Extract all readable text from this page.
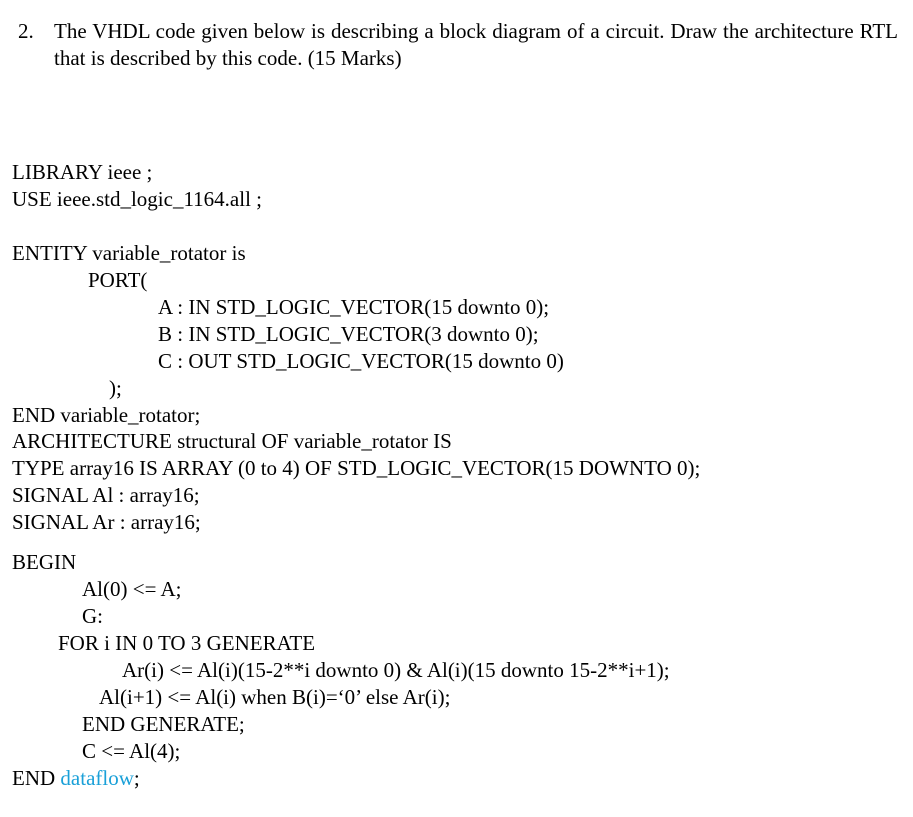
2. The VHDL code given below is describing a block diagram of a circuit. Draw the architecture RTL that is described by this code. (15 Marks)
LIBRARY ieee ;
USE ieee.std_logic_1164.all ;
ENTITY variable_rotator is
PORT(
A : IN STD_LOGIC_VECTOR(15 downto 0);
B : IN STD_LOGIC_VECTOR(3 downto 0);
C : OUT STD_LOGIC_VECTOR(15 downto 0)
);
END variable_rotator;
ARCHITECTURE structural OF variable_rotator IS
TYPE array16 IS ARRAY (0 to 4) OF STD_LOGIC_VECTOR(15 DOWNTO 0);
SIGNAL Al : array16;
SIGNAL Ar : array16;
BEGIN
Al(0) <= A;
G:
FOR i IN 0 TO 3 GENERATE
Ar(i) <= Al(i)(15-2**i downto 0) & Al(i)(15 downto 15-2**i+1);
Al(i+1) <= Al(i) when B(i)=‘0’ else Ar(i);
END GENERATE;
C <= Al(4);
END dataflow;
